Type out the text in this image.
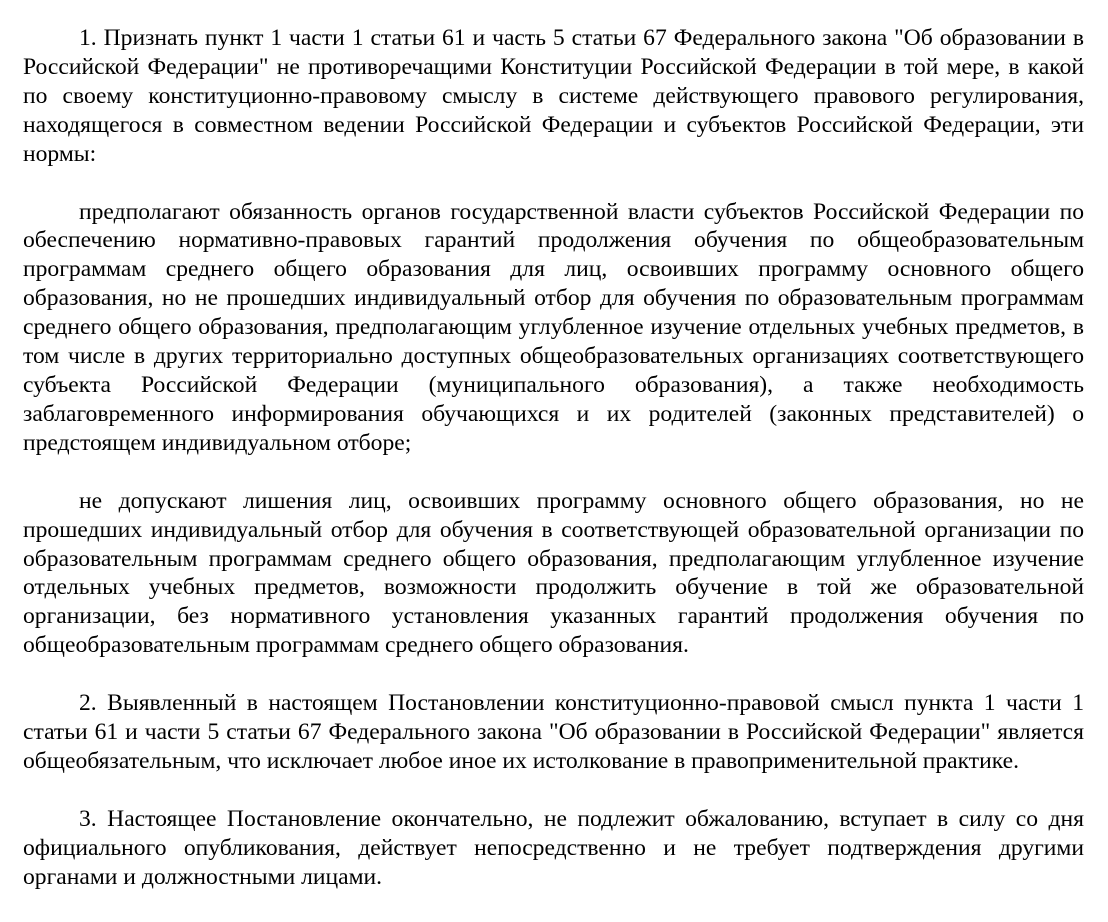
1. Признать пункт 1 части 1 статьи 61 и часть 5 статьи 67 Федерального закона "Об образовании в Российской Федерации" не противоречащими Конституции Российской Федерации в той мере, в какой по своему конституционно-правовому смыслу в системе действующего правового регулирования, находящегося в совместном ведении Российской Федерации и субъектов Российской Федерации, эти нормы:

предполагают обязанность органов государственной власти субъектов Российской Федерации по обеспечению нормативно-правовых гарантий продолжения обучения по общеобразовательным программам среднего общего образования для лиц, освоивших программу основного общего образования, но не прошедших индивидуальный отбор для обучения по образовательным программам среднего общего образования, предполагающим углубленное изучение отдельных учебных предметов, в том числе в других территориально доступных общеобразовательных организациях соответствующего субъекта Российской Федерации (муниципального образования), а также необходимость заблаговременного информирования обучающихся и их родителей (законных представителей) о предстоящем индивидуальном отборе;

не допускают лишения лиц, освоивших программу основного общего образования, но не прошедших индивидуальный отбор для обучения в соответствующей образовательной организации по образовательным программам среднего общего образования, предполагающим углубленное изучение отдельных учебных предметов, возможности продолжить обучение в той же образовательной организации, без нормативного установления указанных гарантий продолжения обучения по общеобразовательным программам среднего общего образования.

2. Выявленный в настоящем Постановлении конституционно-правовой смысл пункта 1 части 1 статьи 61 и части 5 статьи 67 Федерального закона "Об образовании в Российской Федерации" является общеобязательным, что исключает любое иное их истолкование в правоприменительной практике.

3. Настоящее Постановление окончательно, не подлежит обжалованию, вступает в силу со дня официального опубликования, действует непосредственно и не требует подтверждения другими органами и должностными лицами.
